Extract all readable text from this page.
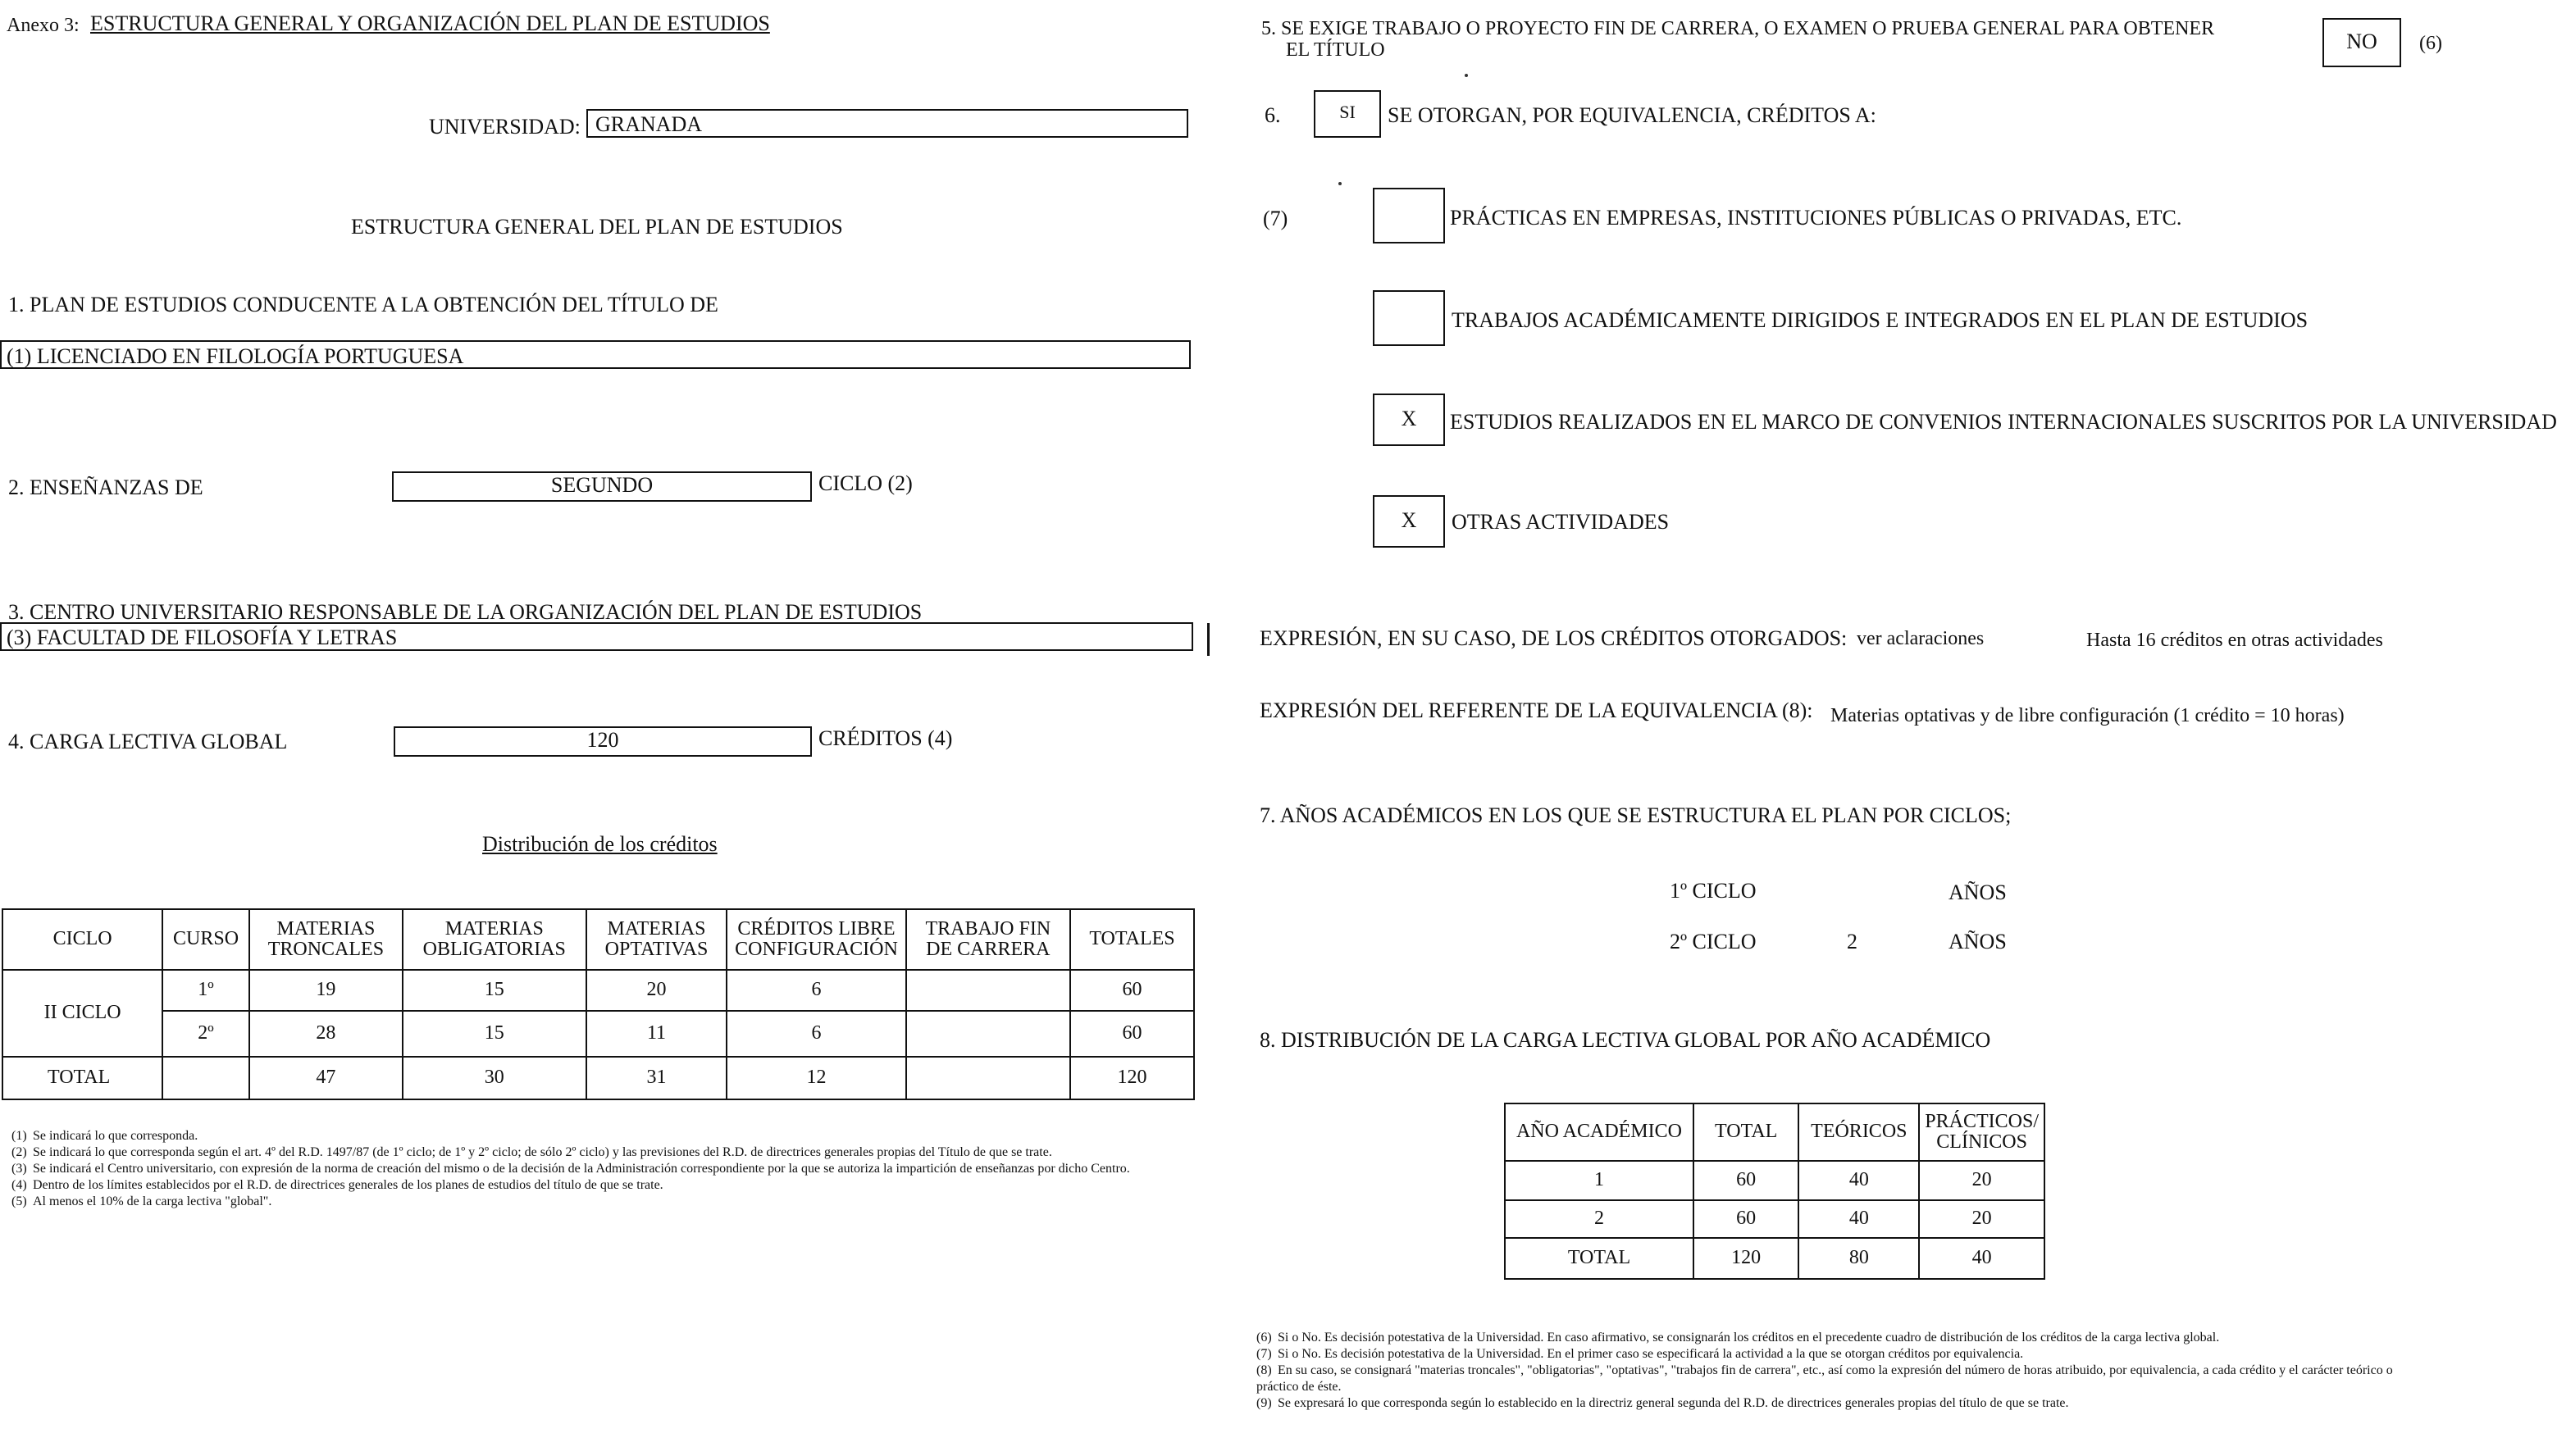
Anexo 3: ESTRUCTURA GENERAL Y ORGANIZACIÓN DEL PLAN DE ESTUDIOS
UNIVERSIDAD: GRANADA
ESTRUCTURA GENERAL DEL PLAN DE ESTUDIOS
1. PLAN DE ESTUDIOS CONDUCENTE A LA OBTENCIÓN DEL TÍTULO DE
(1) LICENCIADO EN FILOLOGÍA PORTUGUESA
2. ENSEÑANZAS DE	SEGUNDO	CICLO (2)
3. CENTRO UNIVERSITARIO RESPONSABLE DE LA ORGANIZACIÓN DEL PLAN DE ESTUDIOS
(3) FACULTAD DE FILOSOFÍA Y LETRAS
4. CARGA LECTIVA GLOBAL	120	CRÉDITOS (4)
Distribución de los créditos
CICLO	CURSO	MATERIAS TRONCALES	MATERIAS OBLIGATORIAS	MATERIAS OPTATIVAS	CRÉDITOS LIBRE CONFIGURACIÓN	TRABAJO FIN DE CARRERA	TOTALES
II CICLO	1º	19	15	20	6		60
	2º	28	15	11	6		60
TOTAL		47	30	31	12		120
(1) Se indicará lo que corresponda.
(2) Se indicará lo que corresponda según el art. 4º del R.D. 1497/87 (de 1º ciclo; de 1º y 2º ciclo; de sólo 2º ciclo) y las previsiones del R.D. de directrices generales propias del Título de que se trate.
(3) Se indicará el Centro universitario, con expresión de la norma de creación del mismo o de la decisión de la Administración correspondiente por la que se autoriza la impartición de enseñanzas por dicho Centro.
(4) Dentro de los límites establecidos por el R.D. de directrices generales de los planes de estudios del título de que se trate.
(5) Al menos el 10% de la carga lectiva "global".
5. SE EXIGE TRABAJO O PROYECTO FIN DE CARRERA, O EXAMEN O PRUEBA GENERAL PARA OBTENER
EL TÍTULO	NO	(6)
6.	SI	SE OTORGAN, POR EQUIVALENCIA, CRÉDITOS A:
(7)	PRÁCTICAS EN EMPRESAS, INSTITUCIONES PÚBLICAS O PRIVADAS, ETC.
TRABAJOS ACADÉMICAMENTE DIRIGIDOS E INTEGRADOS EN EL PLAN DE ESTUDIOS
X	ESTUDIOS REALIZADOS EN EL MARCO DE CONVENIOS INTERNACIONALES SUSCRITOS POR LA UNIVERSIDAD
X	OTRAS ACTIVIDADES
EXPRESIÓN, EN SU CASO, DE LOS CRÉDITOS OTORGADOS: ver aclaraciones	Hasta 16 créditos en otras actividades
EXPRESIÓN DEL REFERENTE DE LA EQUIVALENCIA (8): Materias optativas y de libre configuración (1 crédito = 10 horas)
7. AÑOS ACADÉMICOS EN LOS QUE SE ESTRUCTURA EL PLAN POR CICLOS;
1º CICLO	AÑOS
2º CICLO	2	AÑOS
8. DISTRIBUCIÓN DE LA CARGA LECTIVA GLOBAL POR AÑO ACADÉMICO
AÑO ACADÉMICO	TOTAL	TEÓRICOS	PRÁCTICOS/ CLÍNICOS
1	60	40	20
2	60	40	20
TOTAL	120	80	40
(6) Si o No. Es decisión potestativa de la Universidad. En caso afirmativo, se consignarán los créditos en el precedente cuadro de distribución de los créditos de la carga lectiva global.
(7) Si o No. Es decisión potestativa de la Universidad. En el primer caso se especificará la actividad a la que se otorgan créditos por equivalencia.
(8) En su caso, se consignará "materias troncales", "obligatorias", "optativas", "trabajos fin de carrera", etc., así como la expresión del número de horas atribuido, por equivalencia, a cada crédito y el carácter teórico o práctico de éste.
(9) Se expresará lo que corresponda según lo establecido en la directriz general segunda del R.D. de directrices generales propias del título de que se trate.
